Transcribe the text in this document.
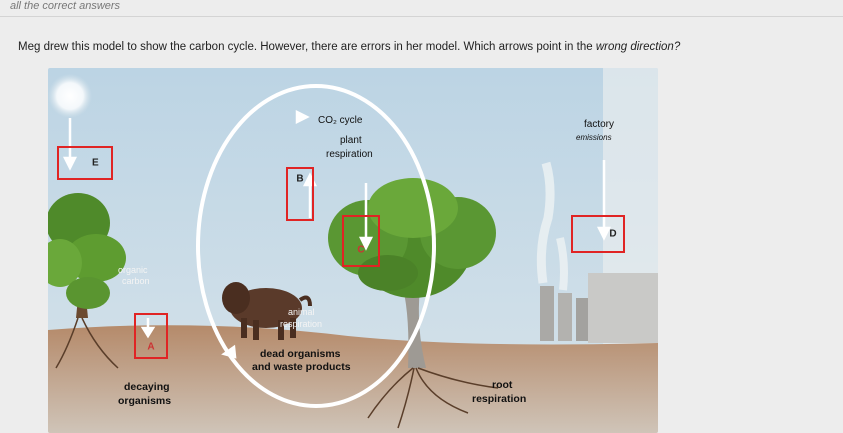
all the correct answers
Meg drew this model to show the carbon cycle. However, there are errors in her model. Which arrows point in the wrong direction?
CO₂ cycle
plant
respiration
factory
emissions
organic
carbon
animal
respiration
dead organisms
and waste products
decaying
organisms
root
respiration
E
B
C
D
A
